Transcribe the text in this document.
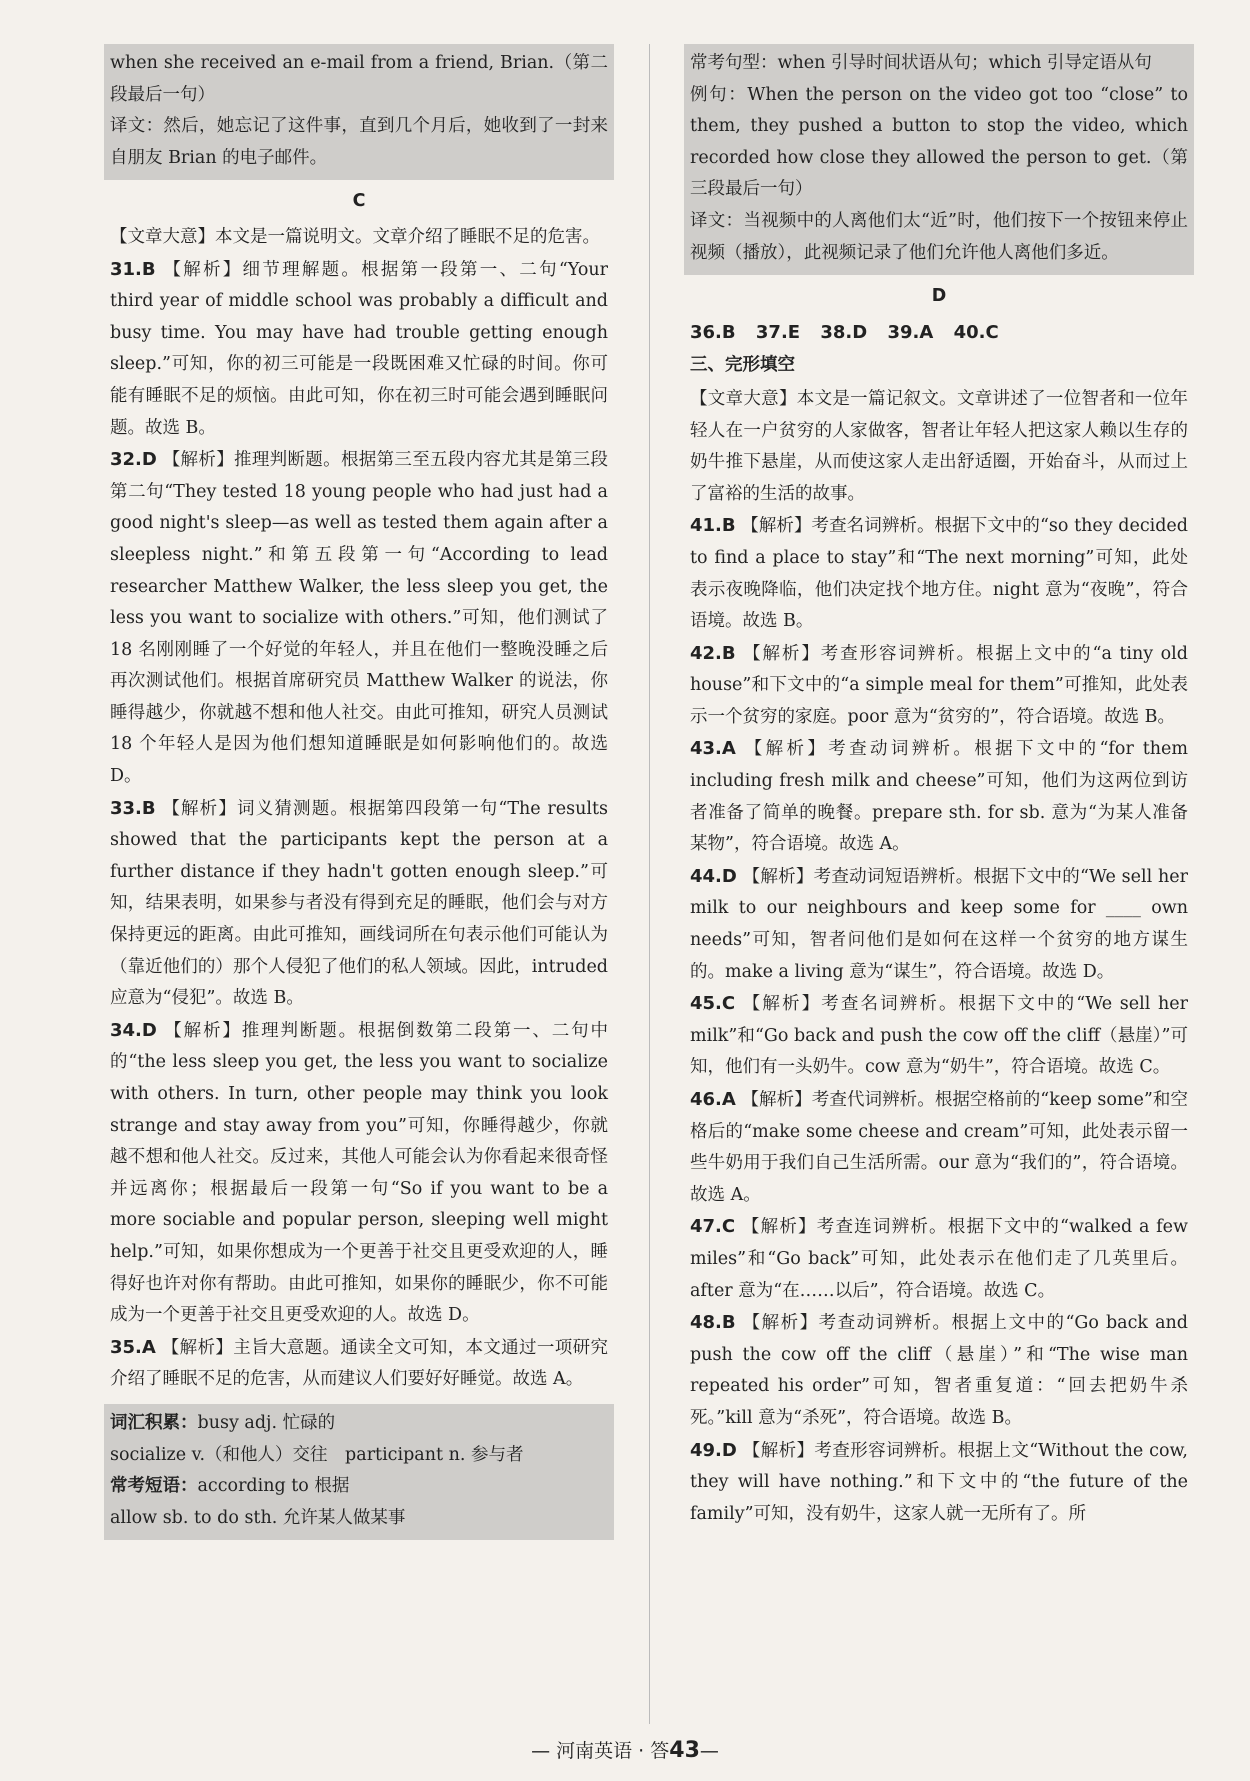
when she received an e-mail from a friend, Brian.（第二段最后一句）

译文：然后，她忘记了这件事，直到几个月后，她收到了一封来自朋友 Brian 的电子邮件。

C

【文章大意】本文是一篇说明文。文章介绍了睡眠不足的危害。

31.B 【解析】细节理解题。根据第一段第一、二句“Your third year of middle school was probably a difficult and busy time. You may have had trouble getting enough sleep.”可知，你的初三可能是一段既困难又忙碌的时间。你可能有睡眠不足的烦恼。由此可知，你在初三时可能会遇到睡眠问题。故选 B。

32.D 【解析】推理判断题。根据第三至五段内容尤其是第三段第二句“They tested 18 young people who had just had a good night's sleep—as well as tested them again after a sleepless night.”和第五段第一句“According to lead researcher Matthew Walker, the less sleep you get, the less you want to socialize with others.”可知，他们测试了 18 名刚刚睡了一个好觉的年轻人，并且在他们一整晚没睡之后再次测试他们。根据首席研究员 Matthew Walker 的说法，你睡得越少，你就越不想和他人社交。由此可推知，研究人员测试 18 个年轻人是因为他们想知道睡眠是如何影响他们的。故选 D。

33.B 【解析】词义猜测题。根据第四段第一句“The results showed that the participants kept the person at a further distance if they hadn't gotten enough sleep.”可知，结果表明，如果参与者没有得到充足的睡眠，他们会与对方保持更远的距离。由此可推知，画线词所在句表示他们可能认为（靠近他们的）那个人侵犯了他们的私人领域。因此，intruded 应意为“侵犯”。故选 B。

34.D 【解析】推理判断题。根据倒数第二段第一、二句中的“the less sleep you get, the less you want to socialize with others. In turn, other people may think you look strange and stay away from you”可知，你睡得越少，你就越不想和他人社交。反过来，其他人可能会认为你看起来很奇怪并远离你；根据最后一段第一句“So if you want to be a more sociable and popular person, sleeping well might help.”可知，如果你想成为一个更善于社交且更受欢迎的人，睡得好也许对你有帮助。由此可推知，如果你的睡眠少，你不可能成为一个更善于社交且更受欢迎的人。故选 D。

35.A 【解析】主旨大意题。通读全文可知，本文通过一项研究介绍了睡眠不足的危害，从而建议人们要好好睡觉。故选 A。

词汇积累：busy adj. 忙碌的

socialize v.（和他人）交往　participant n. 参与者

常考短语：according to 根据

allow sb. to do sth. 允许某人做某事

常考句型：when 引导时间状语从句；which 引导定语从句

例句：When the person on the video got too “close” to them, they pushed a button to stop the video, which recorded how close they allowed the person to get.（第三段最后一句）

译文：当视频中的人离他们太“近”时，他们按下一个按钮来停止视频（播放），此视频记录了他们允许他人离他们多近。

D

36.B 37.E 38.D 39.A 40.C

三、完形填空

【文章大意】本文是一篇记叙文。文章讲述了一位智者和一位年轻人在一户贫穷的人家做客，智者让年轻人把这家人赖以生存的奶牛推下悬崖，从而使这家人走出舒适圈，开始奋斗，从而过上了富裕的生活的故事。

41.B 【解析】考查名词辨析。根据下文中的“so they decided to find a place to stay”和“The next morning”可知，此处表示夜晚降临，他们决定找个地方住。night 意为“夜晚”，符合语境。故选 B。

42.B 【解析】考查形容词辨析。根据上文中的“a tiny old house”和下文中的“a simple meal for them”可推知，此处表示一个贫穷的家庭。poor 意为“贫穷的”，符合语境。故选 B。

43.A 【解析】考查动词辨析。根据下文中的“for them including fresh milk and cheese”可知，他们为这两位到访者准备了简单的晚餐。prepare sth. for sb. 意为“为某人准备某物”，符合语境。故选 A。

44.D 【解析】考查动词短语辨析。根据下文中的“We sell her milk to our neighbours and keep some for ____ own needs”可知，智者问他们是如何在这样一个贫穷的地方谋生的。make a living 意为“谋生”，符合语境。故选 D。

45.C 【解析】考查名词辨析。根据下文中的“We sell her milk”和“Go back and push the cow off the cliff（悬崖）”可知，他们有一头奶牛。cow 意为“奶牛”，符合语境。故选 C。

46.A 【解析】考查代词辨析。根据空格前的“keep some”和空格后的“make some cheese and cream”可知，此处表示留一些牛奶用于我们自己生活所需。our 意为“我们的”，符合语境。故选 A。

47.C 【解析】考查连词辨析。根据下文中的“walked a few miles”和“Go back”可知，此处表示在他们走了几英里后。after 意为“在……以后”，符合语境。故选 C。

48.B 【解析】考查动词辨析。根据上文中的“Go back and push the cow off the cliff（悬崖）”和“The wise man repeated his order”可知，智者重复道：“回去把奶牛杀死。”kill 意为“杀死”，符合语境。故选 B。

49.D 【解析】考查形容词辨析。根据上文“Without the cow, they will have nothing.”和下文中的“the future of the family”可知，没有奶牛，这家人就一无所有了。所

— 河南英语 · 答43—
